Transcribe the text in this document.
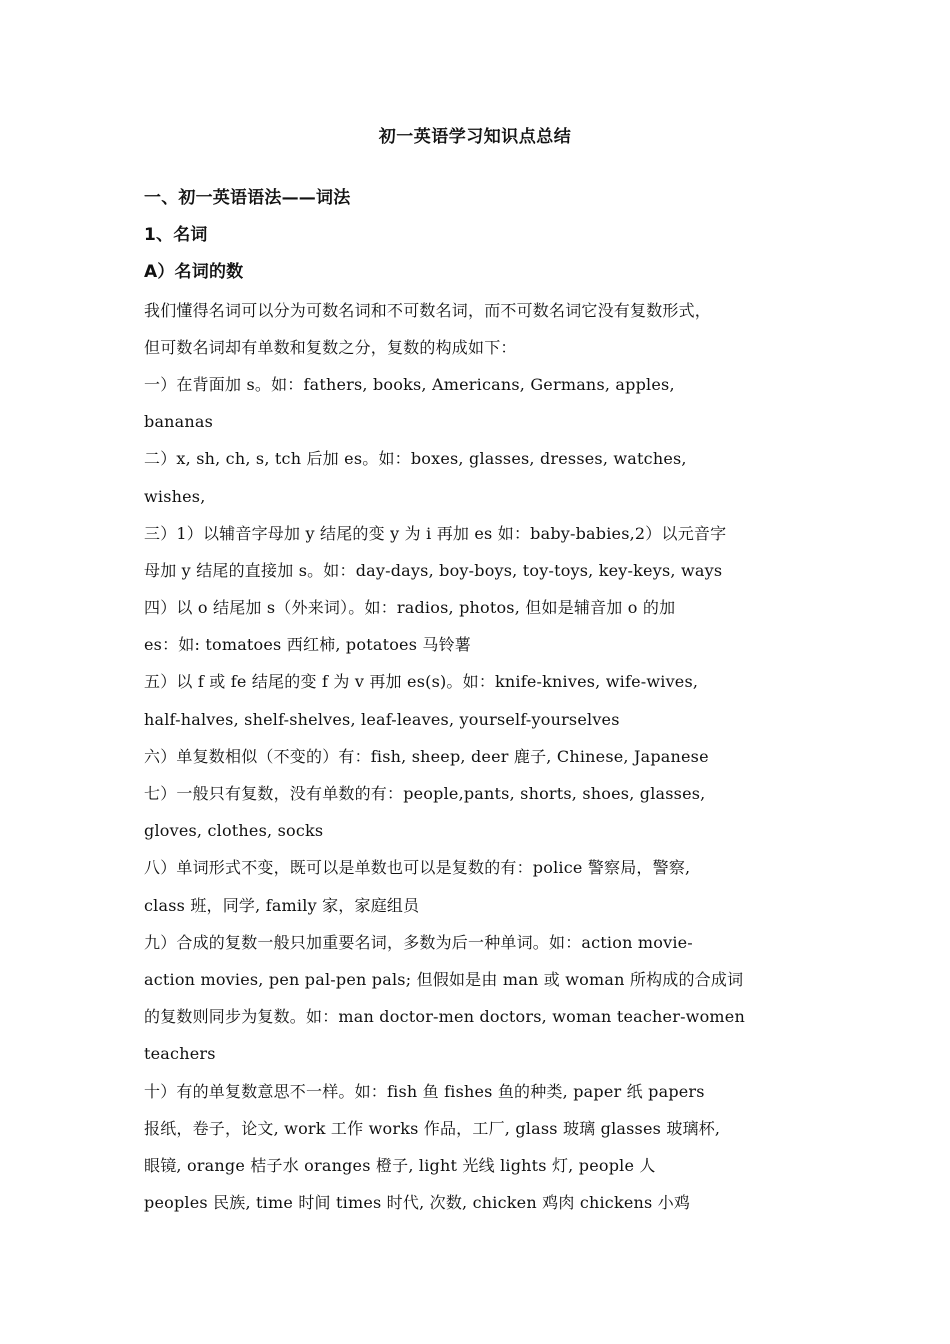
初一英语学习知识点总结
一、初一英语语法——词法
1、名词
A）名词的数
我们懂得名词可以分为可数名词和不可数名词，而不可数名词它没有复数形式，
但可数名词却有单数和复数之分，复数的构成如下：
一）在背面加 s。如：fathers, books, Americans, Germans, apples,
bananas
二）x, sh, ch, s, tch 后加 es。如：boxes, glasses, dresses, watches,
wishes,
三）1）以辅音字母加 y 结尾的变 y 为 i 再加 es 如：baby-babies,2）以元音字
母加 y 结尾的直接加 s。如：day-days, boy-boys, toy-toys, key-keys, ways
四）以 o 结尾加 s（外来词）。如：radios, photos, 但如是辅音加 o 的加
es：如: tomatoes 西红柿, potatoes 马铃薯
五）以 f 或 fe 结尾的变 f 为 v 再加 es(s)。如：knife-knives, wife-wives,
half-halves, shelf-shelves, leaf-leaves, yourself-yourselves
六）单复数相似（不变的）有：fish, sheep, deer 鹿子, Chinese, Japanese
七）一般只有复数，没有单数的有：people,pants, shorts, shoes, glasses,
gloves, clothes, socks
八）单词形式不变，既可以是单数也可以是复数的有：police 警察局，警察,
class 班，同学, family 家，家庭组员
九）合成的复数一般只加重要名词，多数为后一种单词。如：action movie-
action movies, pen pal-pen pals; 但假如是由 man 或 woman 所构成的合成词
的复数则同步为复数。如：man doctor-men doctors, woman teacher-women
teachers
十）有的单复数意思不一样。如：fish 鱼 fishes 鱼的种类, paper 纸 papers
报纸，卷子，论文, work 工作 works 作品，工厂, glass 玻璃 glasses 玻璃杯,
眼镜, orange 桔子水 oranges 橙子, light 光线 lights 灯, people 人
peoples 民族, time 时间 times 时代, 次数, chicken 鸡肉 chickens 小鸡
